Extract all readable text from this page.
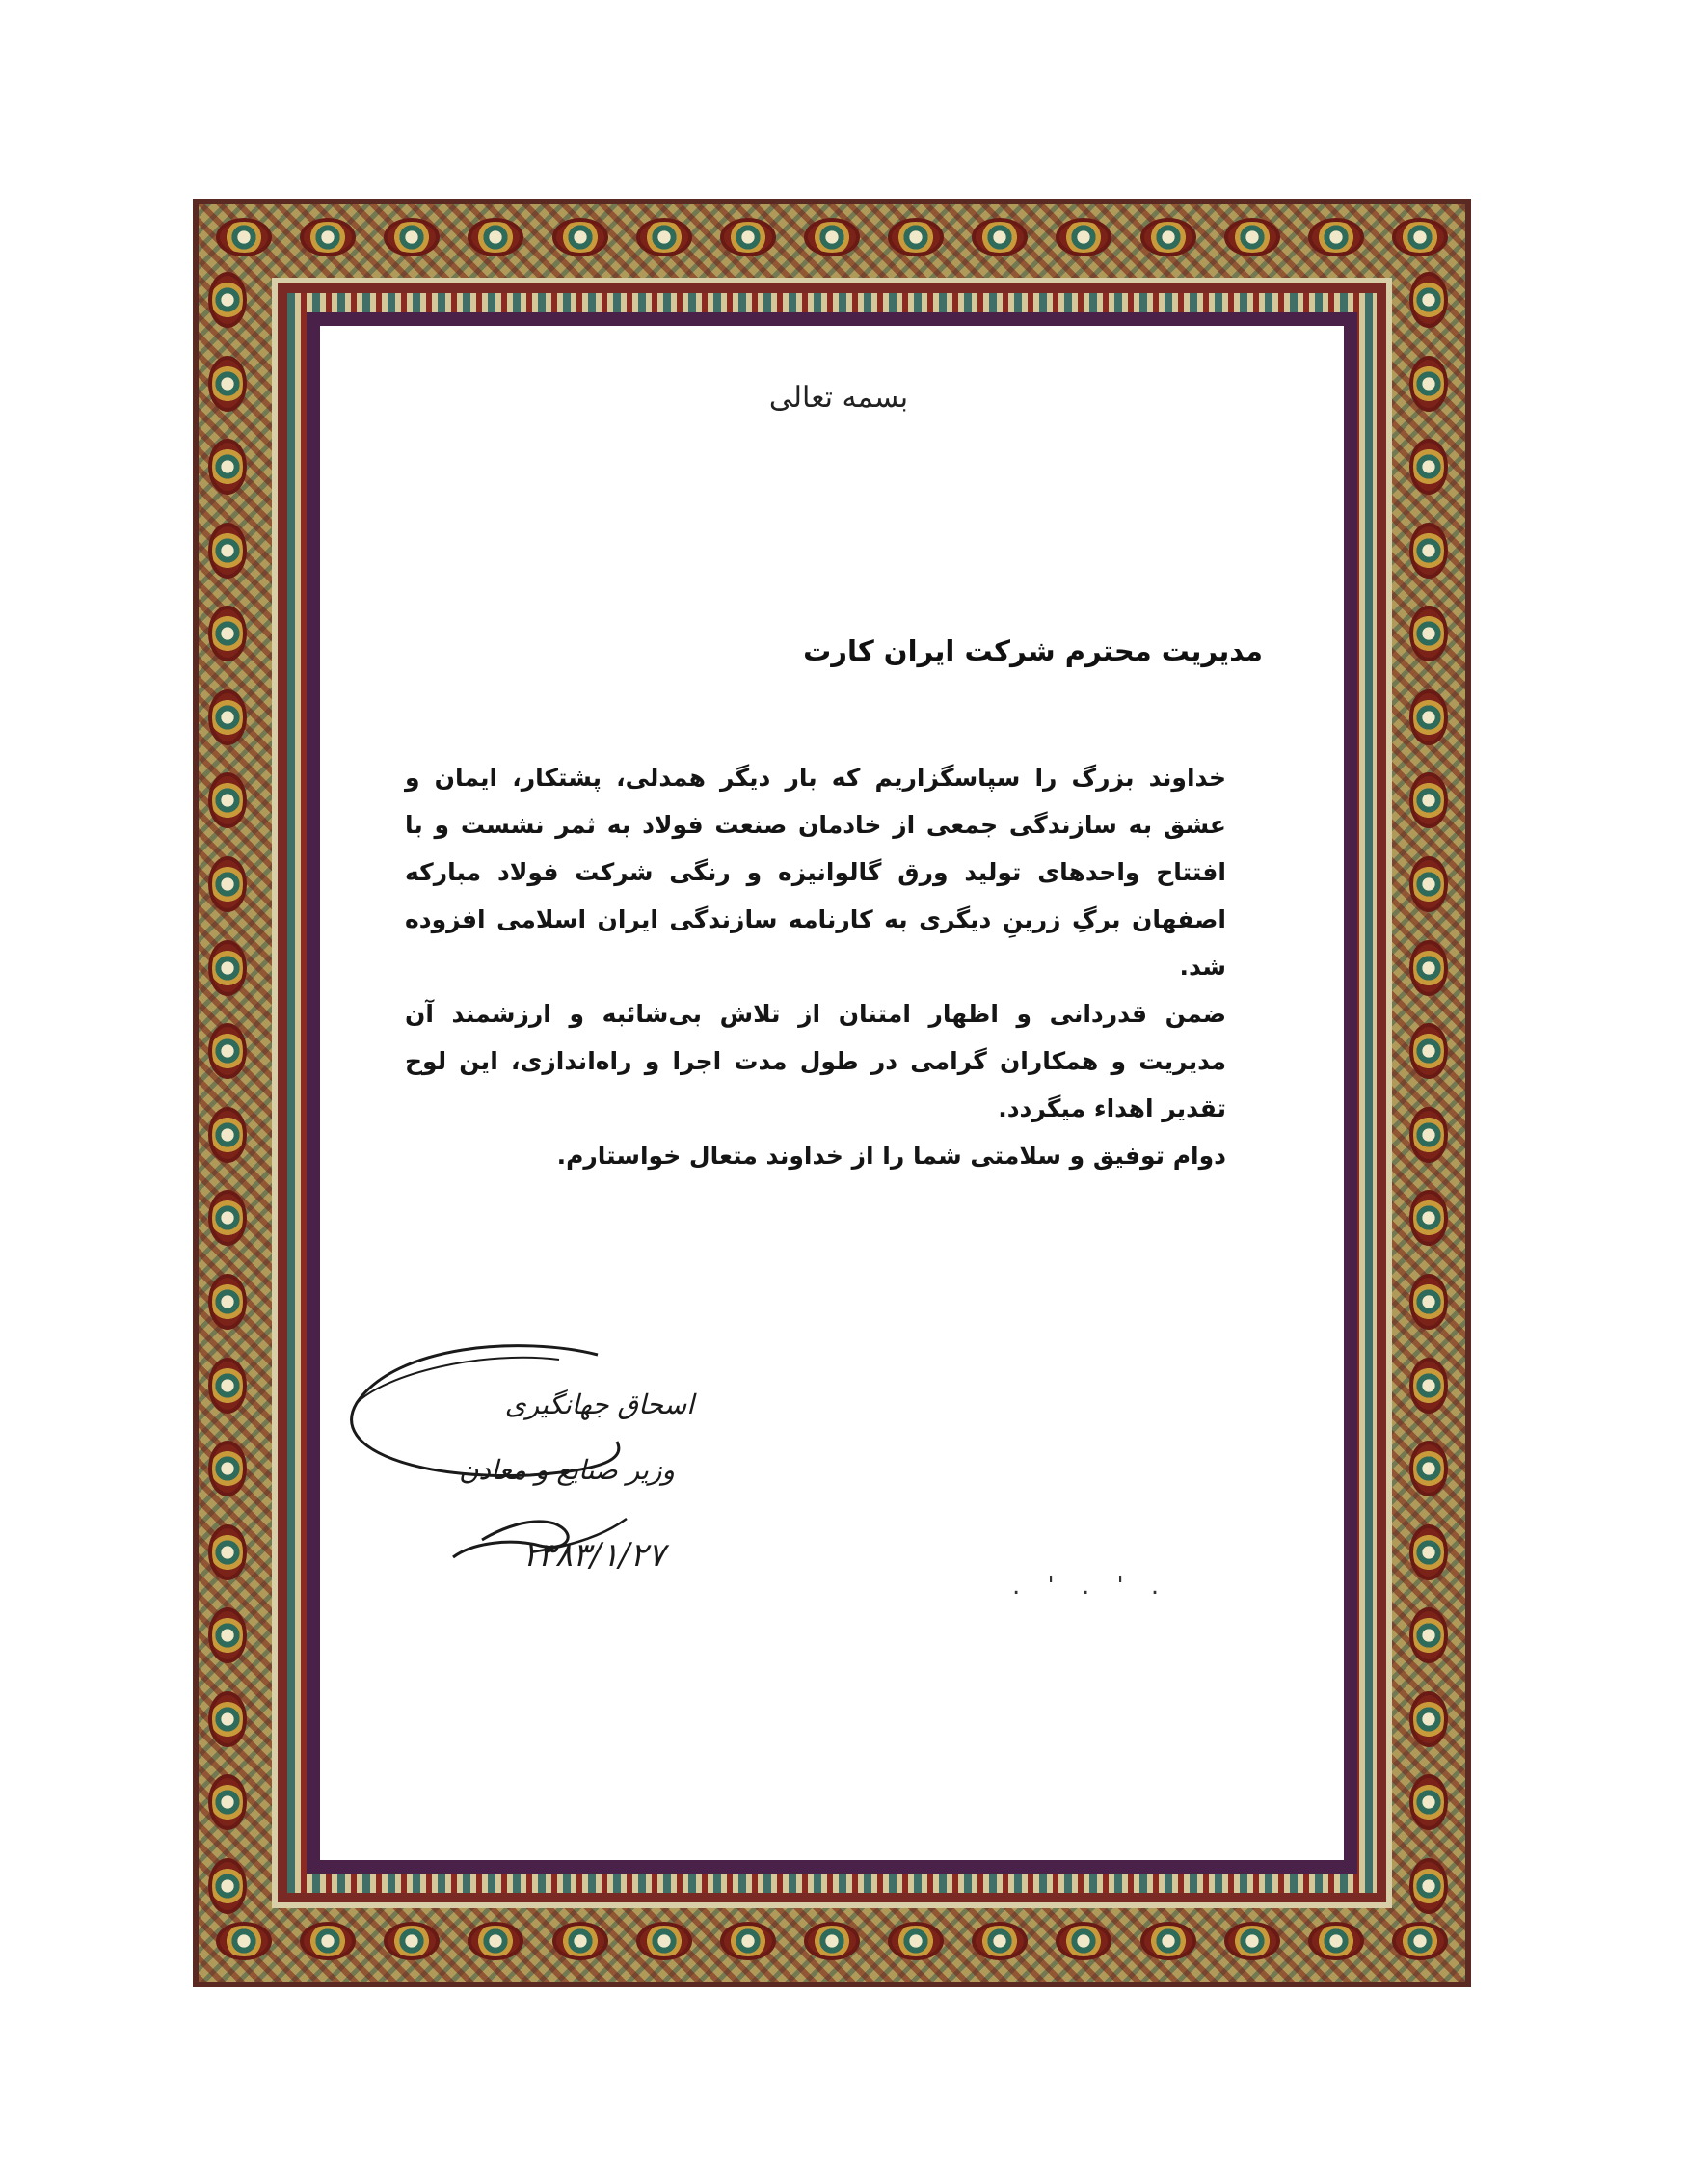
بسمه تعالی
مدیریت محترم شرکت ایران کارت

خداوند بزرگ را سپاسگزاریم که بار دیگر همدلی، پشتکار، ایمان و عشق به سازندگی جمعی از خادمان صنعت فولاد به ثمر نشست و با افتتاح واحدهای تولید ورق گالوانیزه و رنگی شرکت فولاد مبارکه اصفهان برگِ زرینِ دیگری به کارنامه سازندگی ایران اسلامی افزوده شد.

ضمن قدردانی و اظهار امتنان از تلاش بی‌شائبه و ارزشمند آن مدیریت و همکاران گرامی در طول مدت اجرا و راه‌اندازی، این لوح تقدیر اهداء میگردد.

دوام توفیق و سلامتی شما را از خداوند متعال خواستارم.

اسحاق جهانگیری
وزیر صنایع و معادن
۱۳۸۳/۱/۲۷
. ' . ' .
